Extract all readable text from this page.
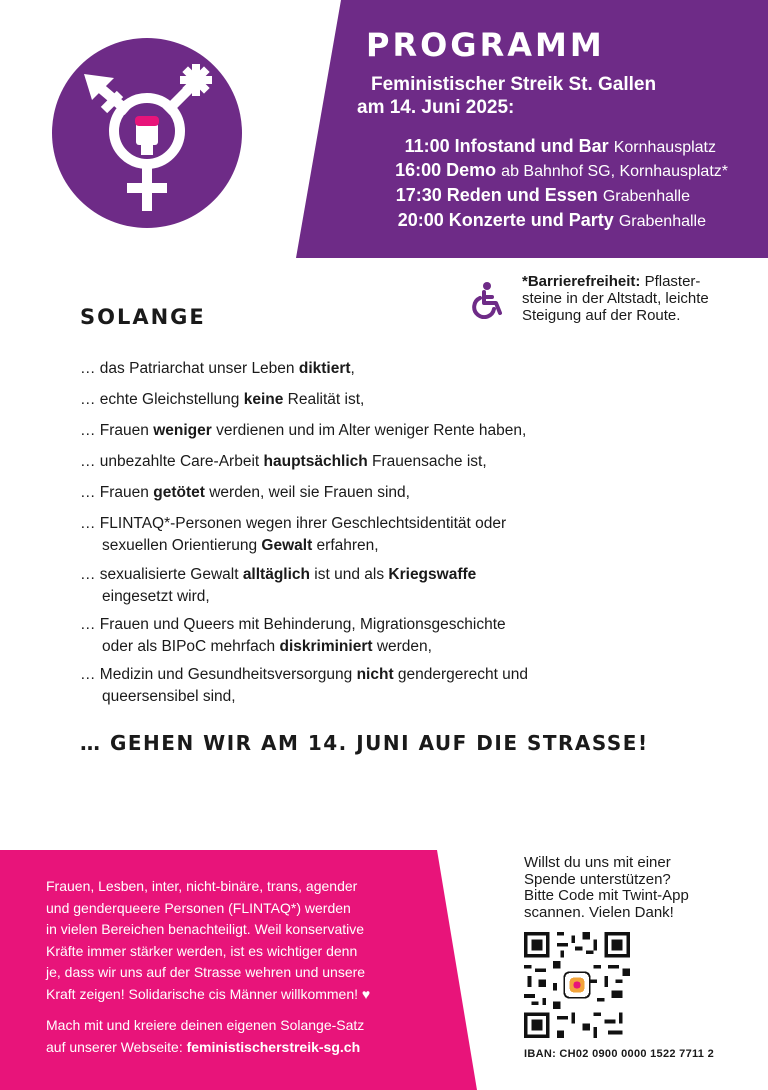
PROGRAMM
Feministischer Streik St. Gallen
am 14. Juni 2025:
11:00 Infostand und Bar Kornhausplatz
16:00 Demo ab Bahnhof SG, Kornhausplatz*
17:30 Reden und Essen Grabenhalle
20:00 Konzerte und Party Grabenhalle
*Barrierefreiheit: Pflaster-
steine in der Altstadt, leichte
Steigung auf der Route.
SOLANGE
… das Patriarchat unser Leben diktiert,
… echte Gleichstellung keine Realität ist,
… Frauen weniger verdienen und im Alter weniger Rente haben,
… unbezahlte Care-Arbeit hauptsächlich Frauensache ist,
… Frauen getötet werden, weil sie Frauen sind,
… FLINTAQ*-Personen wegen ihrer Geschlechtsidentität oder
sexuellen Orientierung Gewalt erfahren,
… sexualisierte Gewalt alltäglich ist und als Kriegswaffe
eingesetzt wird,
… Frauen und Queers mit Behinderung, Migrationsgeschichte
oder als BIPoC mehrfach diskriminiert werden,
… Medizin und Gesundheitsversorgung nicht gendergerecht und
queersensibel sind,
… GEHEN WIR AM 14. JUNI AUF DIE STRASSE!
Frauen, Lesben, inter, nicht-binäre, trans, agender
und genderqueere Personen (FLINTAQ*) werden
in vielen Bereichen benachteiligt. Weil konservative
Kräfte immer stärker werden, ist es wichtiger denn
je, dass wir uns auf der Strasse wehren und unsere
Kraft zeigen! Solidarische cis Männer willkommen! ♥
Mach mit und kreiere deinen eigenen Solange-Satz
auf unserer Webseite: feministischerstreik-sg.ch
Willst du uns mit einer
Spende unterstützen?
Bitte Code mit Twint-App
scannen. Vielen Dank!
IBAN: CH02 0900 0000 1522 7711 2
